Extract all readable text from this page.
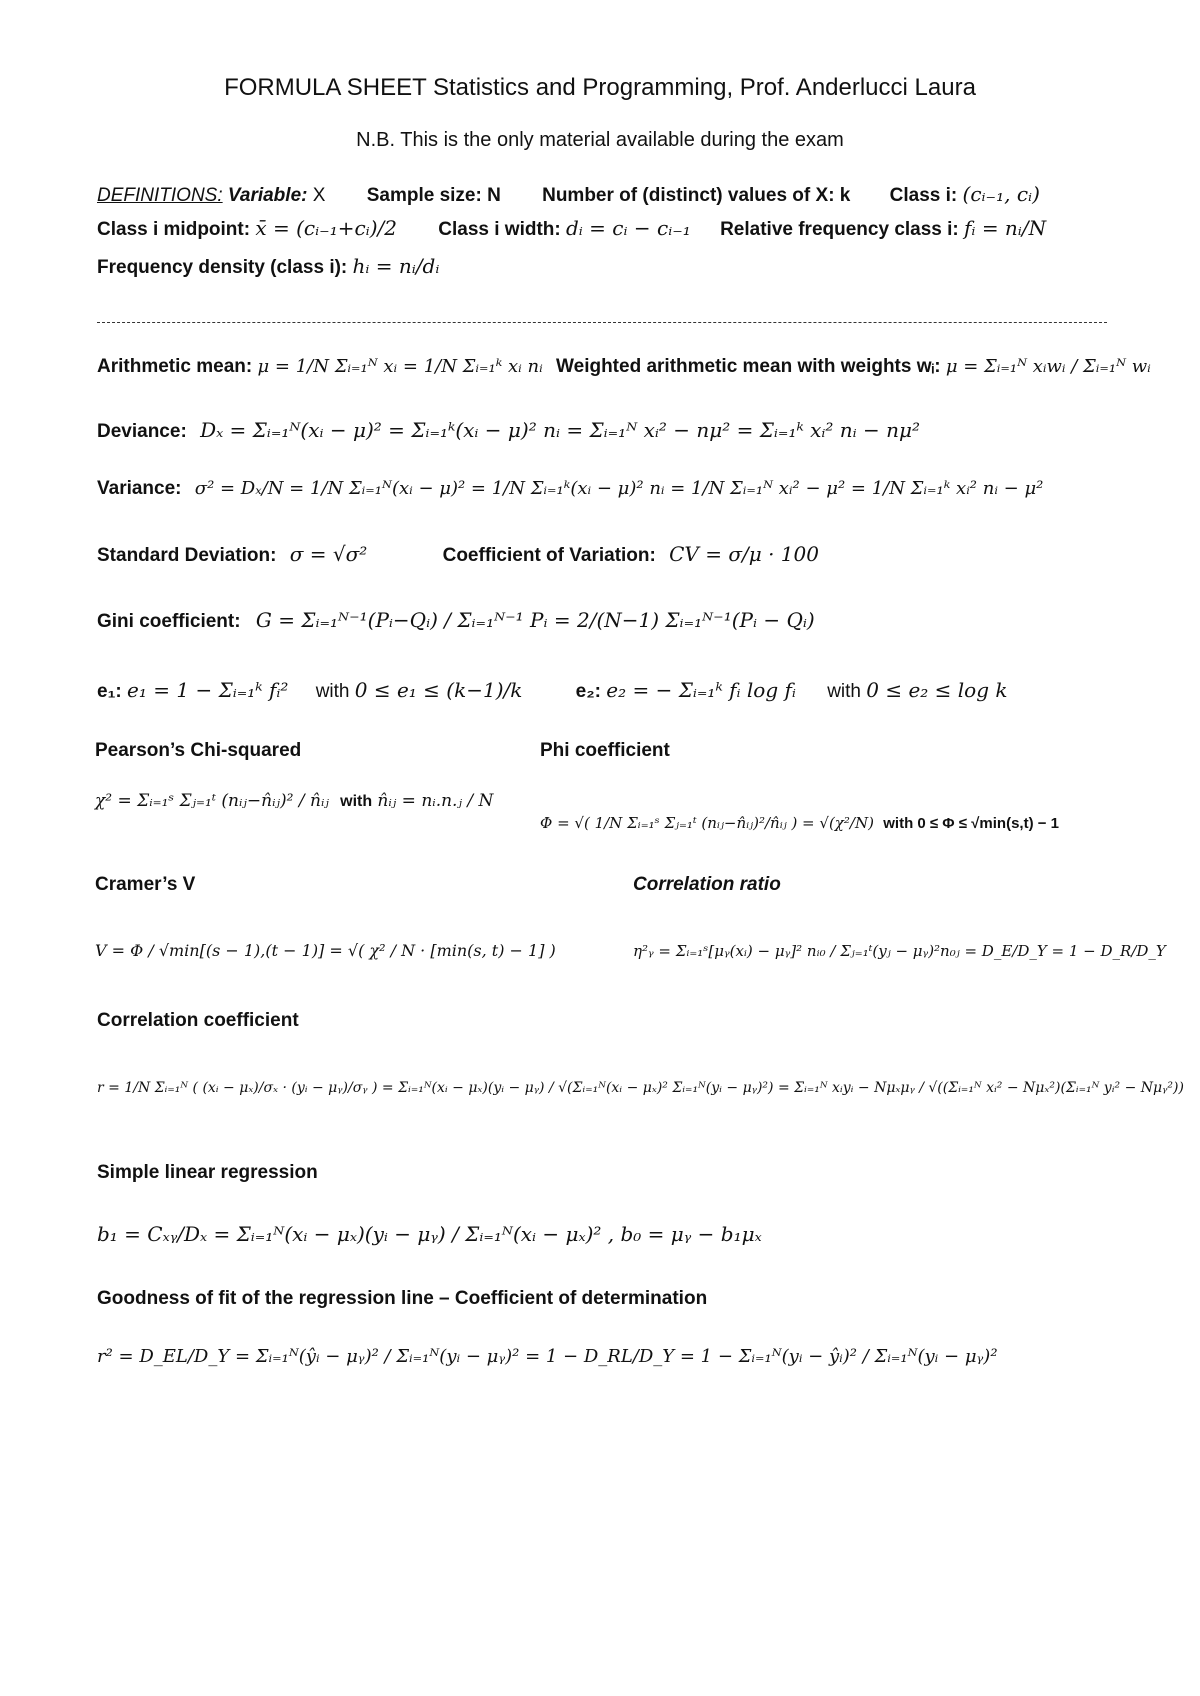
FORMULA SHEET Statistics and Programming, Prof. Anderlucci Laura
N.B. This is the only material available during the exam
DEFINITIONS: Variable: X Sample size: N Number of (distinct) values of X: k Class i: (cᵢ₋₁, cᵢ)
Class i midpoint: x̄ = (cᵢ₋₁+cᵢ)/2 Class i width: dᵢ = cᵢ − cᵢ₋₁ Relative frequency class i: fᵢ = nᵢ/N
Frequency density (class i): hᵢ = nᵢ/dᵢ
Arithmetic mean: μ = 1/N Σᵢ₌₁ᴺ xᵢ = 1/N Σᵢ₌₁ᵏ xᵢ nᵢ Weighted arithmetic mean with weights wᵢ: μ = Σᵢ₌₁ᴺ xᵢwᵢ / Σᵢ₌₁ᴺ wᵢ
Deviance: Dₓ = Σᵢ₌₁ᴺ(xᵢ − μ)² = Σᵢ₌₁ᵏ(xᵢ − μ)² nᵢ = Σᵢ₌₁ᴺ xᵢ² − nμ² = Σᵢ₌₁ᵏ xᵢ² nᵢ − nμ²
Variance: σ² = Dₓ/N = 1/N Σᵢ₌₁ᴺ(xᵢ − μ)² = 1/N Σᵢ₌₁ᵏ(xᵢ − μ)² nᵢ = 1/N Σᵢ₌₁ᴺ xᵢ² − μ² = 1/N Σᵢ₌₁ᵏ xᵢ² nᵢ − μ²
Standard Deviation: σ = √σ²	Coefficient of Variation: CV = σ/μ · 100
Gini coefficient: G = Σᵢ₌₁ᴺ⁻¹(Pᵢ−Qᵢ) / Σᵢ₌₁ᴺ⁻¹ Pᵢ = 2/(N−1) Σᵢ₌₁ᴺ⁻¹(Pᵢ − Qᵢ)
e₁: e₁ = 1 − Σᵢ₌₁ᵏ fᵢ² with 0 ≤ e₁ ≤ (k−1)/k	e₂: e₂ = − Σᵢ₌₁ᵏ fᵢ log fᵢ with 0 ≤ e₂ ≤ log k
Pearson’s Chi-squared
χ² = Σᵢ₌₁ˢ Σⱼ₌₁ᵗ (nᵢⱼ−n̂ᵢⱼ)² / n̂ᵢⱼ with n̂ᵢⱼ = nᵢ.n.ⱼ / N
Phi coefficient
Φ = √( 1/N Σᵢ₌₁ˢ Σⱼ₌₁ᵗ (nᵢⱼ−n̂ᵢⱼ)²/n̂ᵢⱼ ) = √(χ²/N) with 0 ≤ Φ ≤ √min(s,t) − 1
Cramer’s V
V = Φ / √min[(s − 1),(t − 1)] = √( χ² / N · [min(s, t) − 1] )
Correlation ratio
η²ᵧ = Σᵢ₌₁ˢ[μᵧ(xᵢ) − μᵧ]² nᵢ₀ / Σⱼ₌₁ᵗ(yⱼ − μᵧ)²n₀ⱼ = D_E/D_Y = 1 − D_R/D_Y
Correlation coefficient
r = 1/N Σᵢ₌₁ᴺ ( (xᵢ − μₓ)/σₓ · (yᵢ − μᵧ)/σᵧ ) = Σᵢ₌₁ᴺ(xᵢ − μₓ)(yᵢ − μᵧ) / √(Σᵢ₌₁ᴺ(xᵢ − μₓ)² Σᵢ₌₁ᴺ(yᵢ − μᵧ)²) = Σᵢ₌₁ᴺ xᵢyᵢ − Nμₓμᵧ / √((Σᵢ₌₁ᴺ xᵢ² − Nμₓ²)(Σᵢ₌₁ᴺ yᵢ² − Nμᵧ²))
Simple linear regression
b₁ = Cₓᵧ/Dₓ = Σᵢ₌₁ᴺ(xᵢ − μₓ)(yᵢ − μᵧ) / Σᵢ₌₁ᴺ(xᵢ − μₓ)² , b₀ = μᵧ − b₁μₓ
Goodness of fit of the regression line – Coefficient of determination
r² = D_EL/D_Y = Σᵢ₌₁ᴺ(ŷᵢ − μᵧ)² / Σᵢ₌₁ᴺ(yᵢ − μᵧ)² = 1 − D_RL/D_Y = 1 − Σᵢ₌₁ᴺ(yᵢ − ŷᵢ)² / Σᵢ₌₁ᴺ(yᵢ − μᵧ)²
